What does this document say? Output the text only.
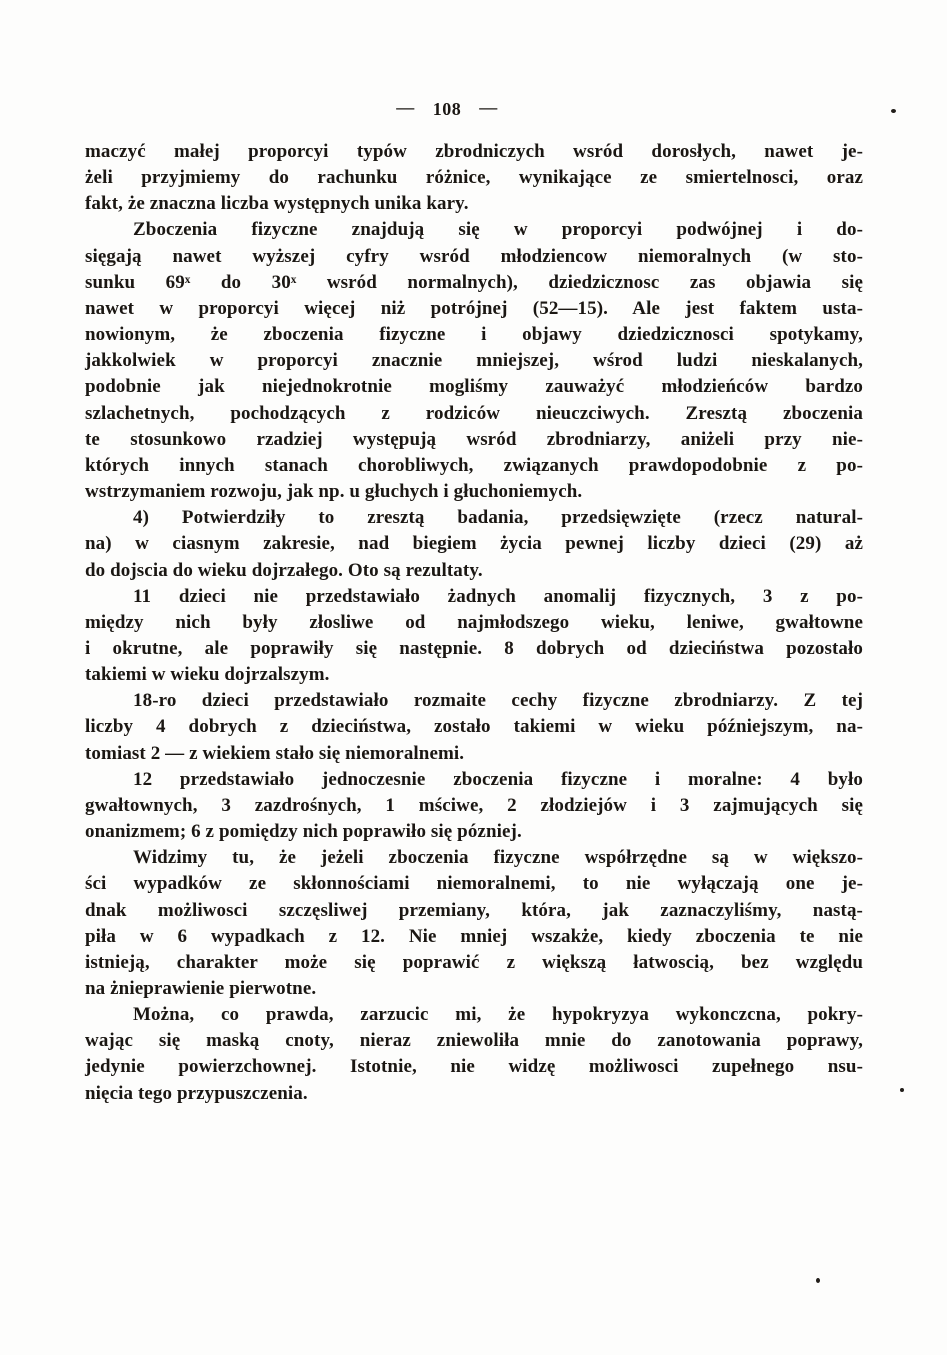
— 108 —
maczyć małej proporcyi typów zbrodniczych wsród dorosłych, nawet je-
żeli przyjmiemy do rachunku różnice, wynikające ze smiertelnosci, oraz
fakt, że znaczna liczba występnych unika kary.
Zboczenia fizyczne znajdują się w proporcyi podwójnej i do-
sięgają nawet wyższej cyfry wsród młodziencow niemoralnych (w sto-
sunku 69ˣ do 30ˣ wsród normalnych), dziedzicznosc zas objawia się
nawet w proporcyi więcej niż potrójnej (52—15). Ale jest faktem usta-
nowionym, że zboczenia fizyczne i objawy dziedzicznosci spotykamy,
jakkolwiek w proporcyi znacznie mniejszej, wśrod ludzi nieskalanych,
podobnie jak niejednokrotnie mogliśmy zauważyć młodzieńców bardzo
szlachetnych, pochodzących z rodziców nieuczciwych. Zresztą zboczenia
te stosunkowo rzadziej występują wsród zbrodniarzy, aniżeli przy nie-
których innych stanach chorobliwych, związanych prawdopodobnie z po-
wstrzymaniem rozwoju, jak np. u głuchych i głuchoniemych.
4) Potwierdziły to zresztą badania, przedsięwzięte (rzecz natural-
na) w ciasnym zakresie, nad biegiem życia pewnej liczby dzieci (29) aż
do dojscia do wieku dojrzałego. Oto są rezultaty.
11 dzieci nie przedstawiało żadnych anomalij fizycznych, 3 z po-
między nich były złosliwe od najmłodszego wieku, leniwe, gwałtowne
i okrutne, ale poprawiły się następnie. 8 dobrych od dzieciństwa pozostało
takiemi w wieku dojrzalszym.
18-ro dzieci przedstawiało rozmaite cechy fizyczne zbrodniarzy. Z tej
liczby 4 dobrych z dzieciństwa, zostało takiemi w wieku późniejszym, na-
tomiast 2 — z wiekiem stało się niemoralnemi.
12 przedstawiało jednoczesnie zboczenia fizyczne i moralne: 4 było
gwałtownych, 3 zazdrośnych, 1 mściwe, 2 złodziejów i 3 zajmujących się
onanizmem; 6 z pomiędzy nich poprawiło się pózniej.
Widzimy tu, że jeżeli zboczenia fizyczne współrzędne są w większo-
ści wypadków ze skłonnościami niemoralnemi, to nie wyłączają one je-
dnak możliwosci szczęsliwej przemiany, która, jak zaznaczyliśmy, nastą-
piła w 6 wypadkach z 12. Nie mniej wszakże, kiedy zboczenia te nie
istnieją, charakter może się poprawić z większą łatwoscią, bez względu
na żnieprawienie pierwotne.
Można, co prawda, zarzucic mi, że hypokryzya wykonczcna, pokry-
wając się maską cnoty, nieraz zniewoliła mnie do zanotowania poprawy,
jedynie powierzchownej. Istotnie, nie widzę możliwosci zupełnego nsu-
nięcia tego przypuszczenia.
